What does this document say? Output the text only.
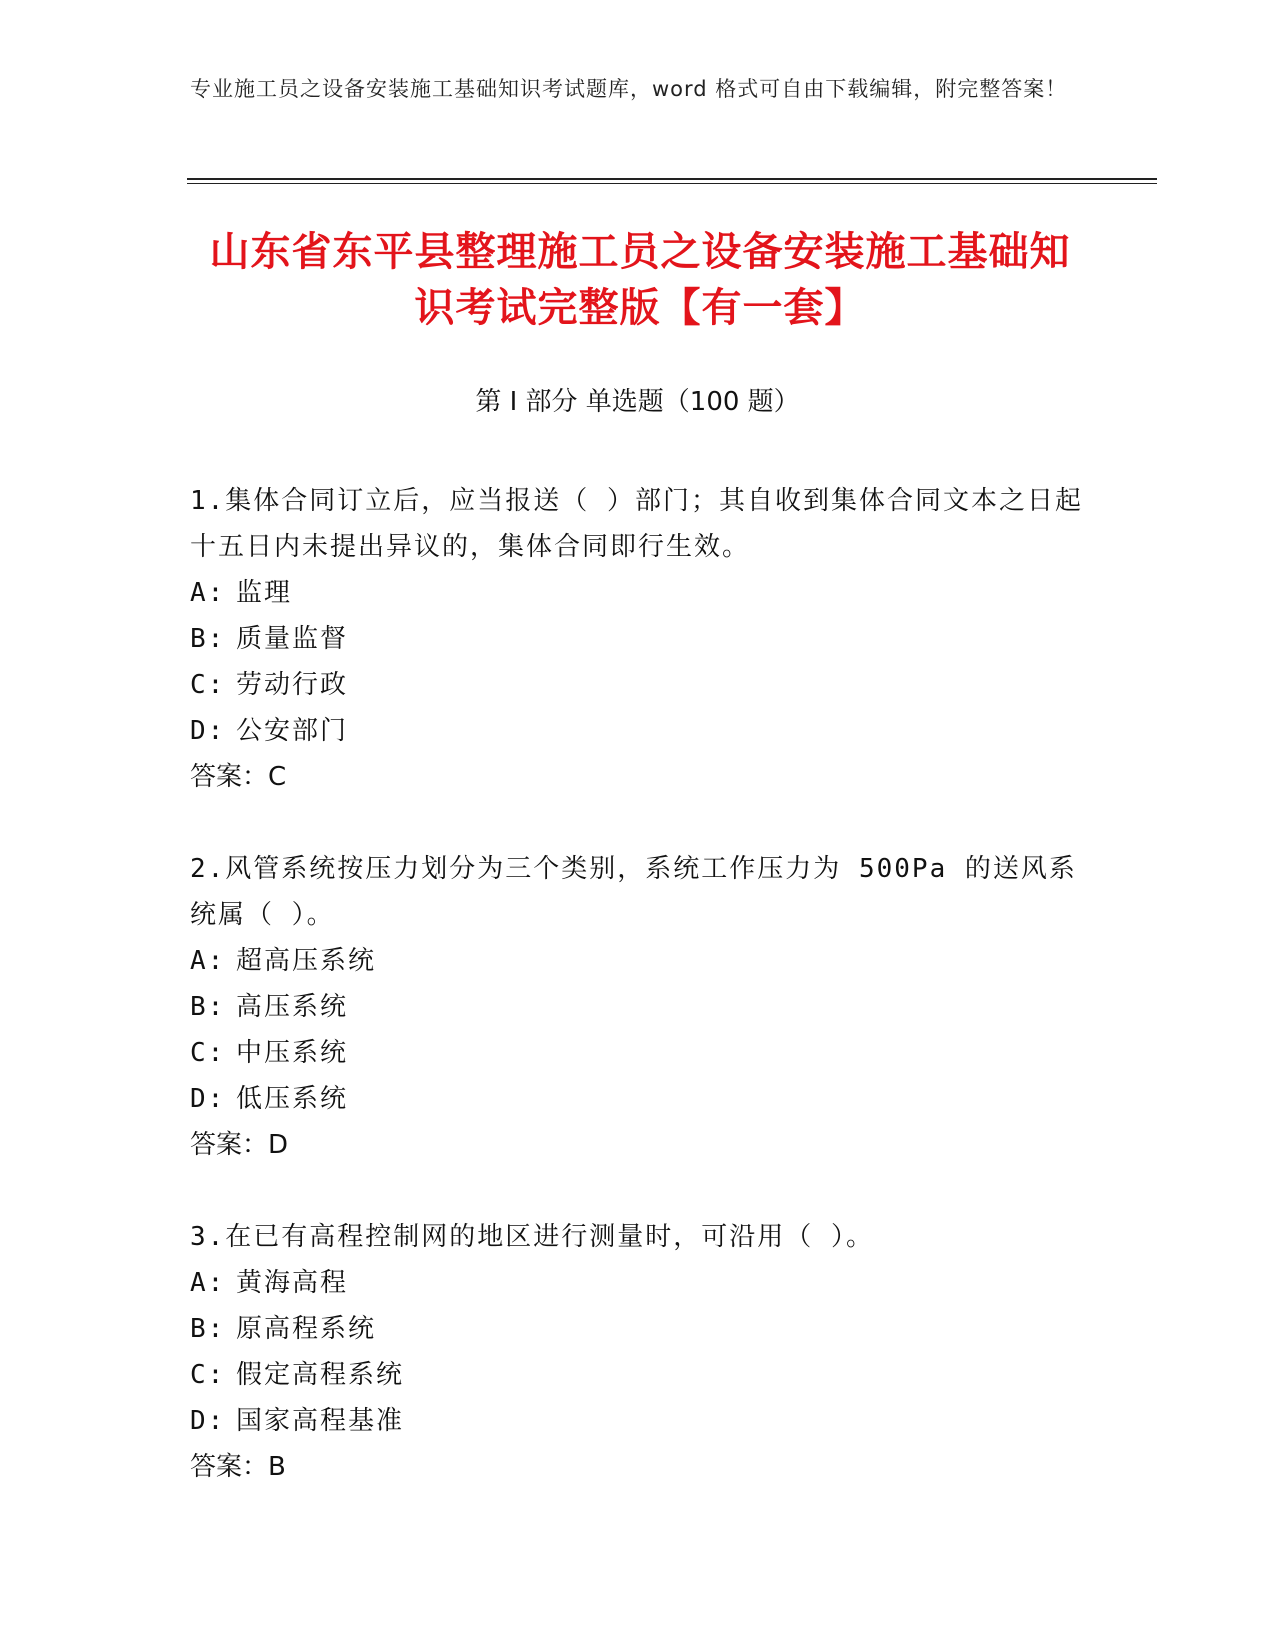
专业施工员之设备安装施工基础知识考试题库，word 格式可自由下载编辑，附完整答案！
山东省东平县整理施工员之设备安装施工基础知识考试完整版【有一套】
第 I 部分 单选题（100 题）

1.集体合同订立后，应当报送（ ）部门；其自收到集体合同文本之日起十五日内未提出异议的，集体合同即行生效。

A: 监理

B: 质量监督

C: 劳动行政

D: 公安部门

答案：C

2.风管系统按压力划分为三个类别，系统工作压力为 500Pa 的送风系统属（ ）。

A: 超高压系统

B: 高压系统

C: 中压系统

D: 低压系统

答案：D

3.在已有高程控制网的地区进行测量时，可沿用（ ）。

A: 黄海高程

B: 原高程系统

C: 假定高程系统

D: 国家高程基准

答案：B
